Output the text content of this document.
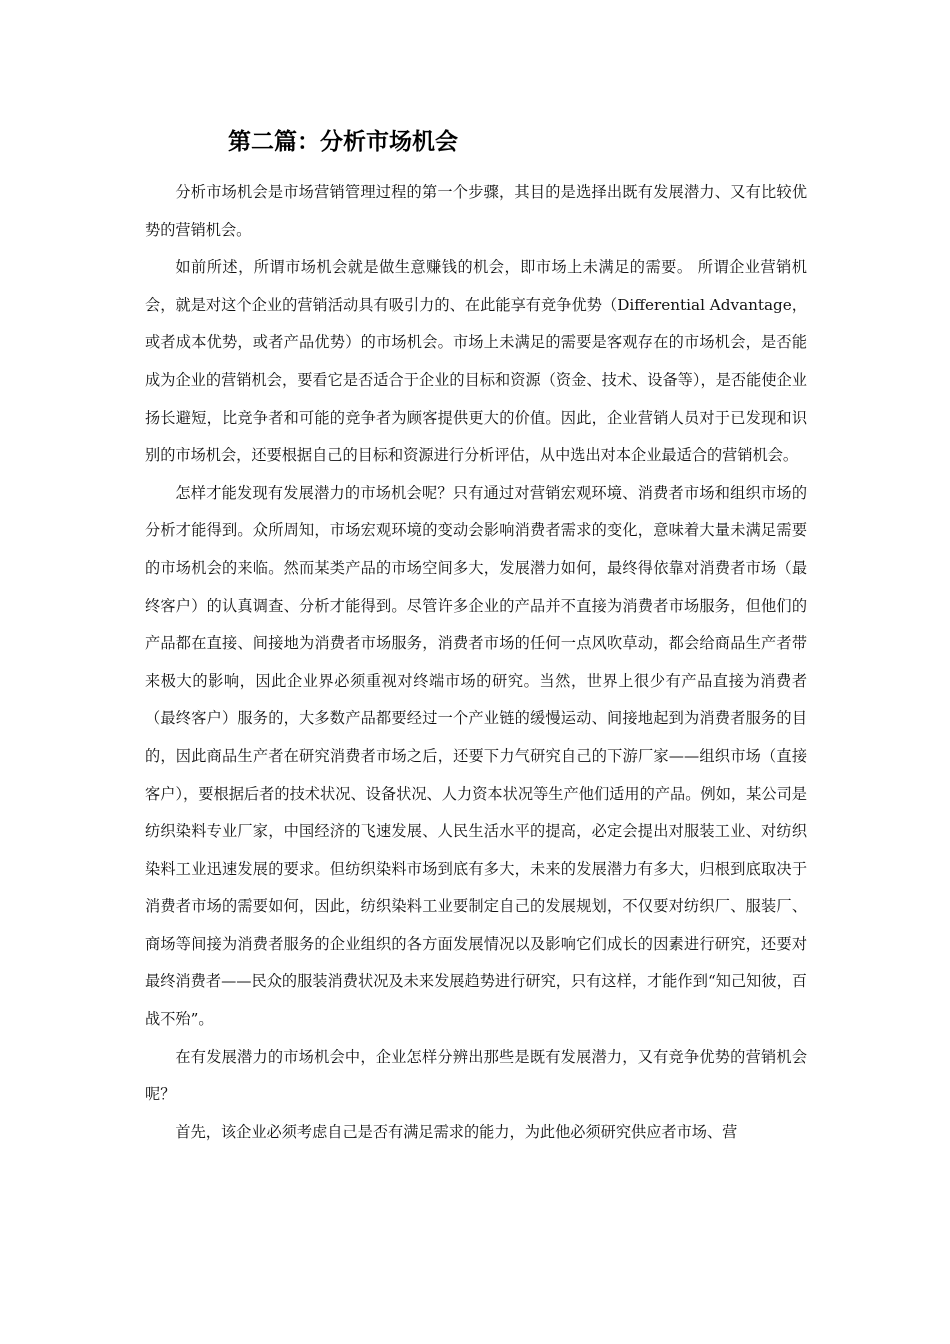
第二篇：分析市场机会

分析市场机会是市场营销管理过程的第一个步骤，其目的是选择出既有发展潜力、又有比较优势的营销机会。

如前所述，所谓市场机会就是做生意赚钱的机会，即市场上未满足的需要。 所谓企业营销机会，就是对这个企业的营销活动具有吸引力的、在此能享有竞争优势（Differential Advantage，或者成本优势，或者产品优势）的市场机会。市场上未满足的需要是客观存在的市场机会，是否能成为企业的营销机会，要看它是否适合于企业的目标和资源（资金、技术、设备等），是否能使企业扬长避短，比竞争者和可能的竞争者为顾客提供更大的价值。因此，企业营销人员对于已发现和识别的市场机会，还要根据自己的目标和资源进行分析评估，从中选出对本企业最适合的营销机会。

怎样才能发现有发展潜力的市场机会呢？只有通过对营销宏观环境、消费者市场和组织市场的分析才能得到。众所周知，市场宏观环境的变动会影响消费者需求的变化，意味着大量未满足需要的市场机会的来临。然而某类产品的市场空间多大，发展潜力如何，最终得依靠对消费者市场（最终客户）的认真调查、分析才能得到。尽管许多企业的产品并不直接为消费者市场服务，但他们的产品都在直接、间接地为消费者市场服务，消费者市场的任何一点风吹草动，都会给商品生产者带来极大的影响，因此企业界必须重视对终端市场的研究。当然，世界上很少有产品直接为消费者（最终客户）服务的，大多数产品都要经过一个产业链的缓慢运动、间接地起到为消费者服务的目的，因此商品生产者在研究消费者市场之后，还要下力气研究自己的下游厂家——组织市场（直接客户），要根据后者的技术状况、设备状况、人力资本状况等生产他们适用的产品。例如，某公司是纺织染料专业厂家，中国经济的飞速发展、人民生活水平的提高，必定会提出对服装工业、对纺织染料工业迅速发展的要求。但纺织染料市场到底有多大，未来的发展潜力有多大，归根到底取决于消费者市场的需要如何，因此，纺织染料工业要制定自己的发展规划，不仅要对纺织厂、服装厂、商场等间接为消费者服务的企业组织的各方面发展情况以及影响它们成长的因素进行研究，还要对最终消费者——民众的服装消费状况及未来发展趋势进行研究，只有这样，才能作到“知己知彼，百战不殆”。

在有发展潜力的市场机会中，企业怎样分辨出那些是既有发展潜力，又有竞争优势的营销机会呢？

首先，该企业必须考虑自己是否有满足需求的能力，为此他必须研究供应者市场、营
